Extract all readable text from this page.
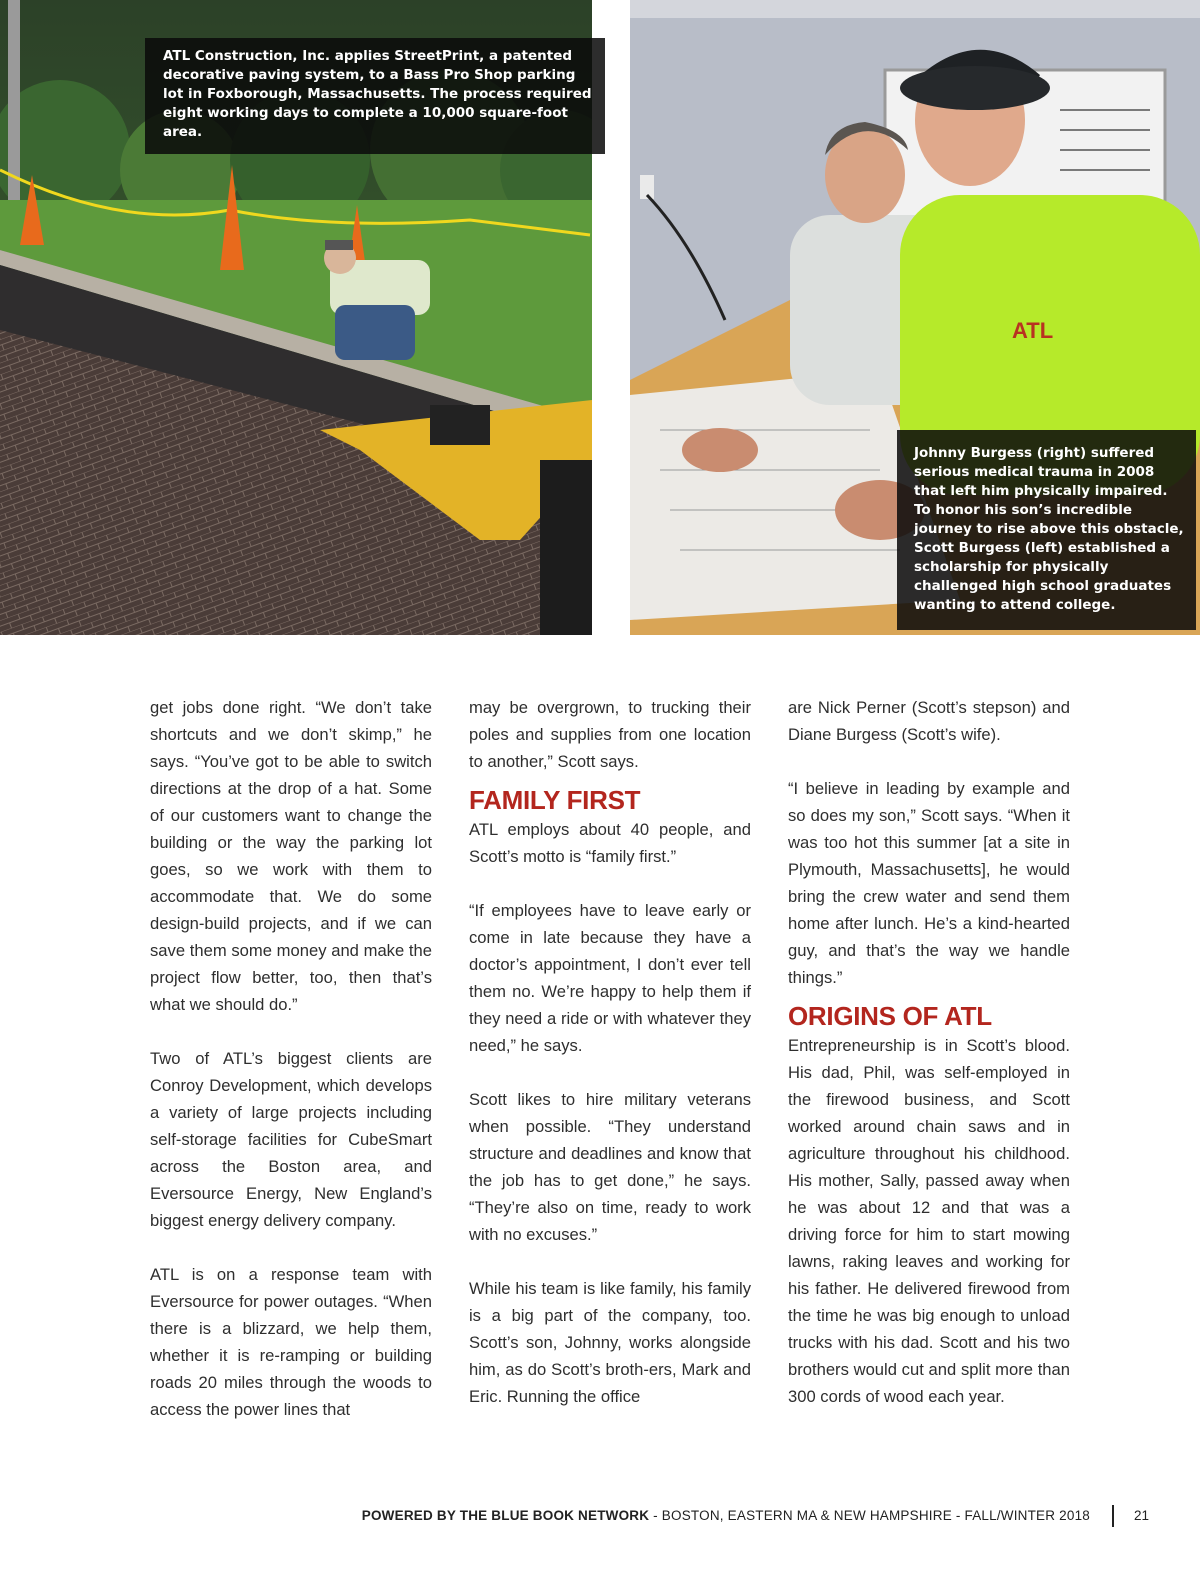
ATL

ATL Construction, Inc. applies StreetPrint, a patented decorative paving system, to a Bass Pro Shop parking lot in Foxborough, Massachusetts. The process required eight working days to complete a 10,000 square-foot area.

Johnny Burgess (right) suffered serious medical trauma in 2008 that left him physically impaired. To honor his son’s incredible journey to rise above this obstacle, Scott Burgess (left) established a scholarship for physically challenged high school graduates wanting to attend college.

get jobs done right. “We don’t take shortcuts and we don’t skimp,” he says. “You’ve got to be able to switch directions at the drop of a hat. Some of our customers want to change the building or the way the parking lot goes, so we work with them to accommodate that. We do some design-build projects, and if we can save them some money and make the project flow better, too, then that’s what we should do.”

Two of ATL’s biggest clients are Conroy Development, which develops a variety of large projects including self-storage facilities for CubeSmart across the Boston area, and Eversource Energy, New England’s biggest energy delivery company.

ATL is on a response team with Eversource for power outages. “When there is a blizzard, we help them, whether it is re-ramping or building roads 20 miles through the woods to access the power lines that

may be overgrown, to trucking their poles and supplies from one location to another,” Scott says.

FAMILY FIRST

ATL employs about 40 people, and Scott’s motto is “family first.”

“If employees have to leave early or come in late because they have a doctor’s appointment, I don’t ever tell them no. We’re happy to help them if they need a ride or with whatever they need,” he says.

Scott likes to hire military veterans when possible. “They understand structure and deadlines and know that the job has to get done,” he says. “They’re also on time, ready to work with no excuses.”

While his team is like family, his family is a big part of the company, too. Scott’s son, Johnny, works alongside him, as do Scott’s broth-ers, Mark and Eric. Running the office

are Nick Perner (Scott’s stepson) and Diane Burgess (Scott’s wife).

“I believe in leading by example and so does my son,” Scott says. “When it was too hot this summer [at a site in Plymouth, Massachusetts], he would bring the crew water and send them home after lunch. He’s a kind-hearted guy, and that’s the way we handle things.”

ORIGINS OF ATL

Entrepreneurship is in Scott’s blood. His dad, Phil, was self-employed in the firewood business, and Scott worked around chain saws and in agriculture throughout his childhood. His mother, Sally, passed away when he was about 12 and that was a driving force for him to start mowing lawns, raking leaves and working for his father. He delivered firewood from the time he was big enough to unload trucks with his dad. Scott and his two brothers would cut and split more than 300 cords of wood each year.

POWERED BY THE BLUE BOOK NETWORK - BOSTON, EASTERN MA & NEW HAMPSHIRE - FALL/WINTER 2018	21
